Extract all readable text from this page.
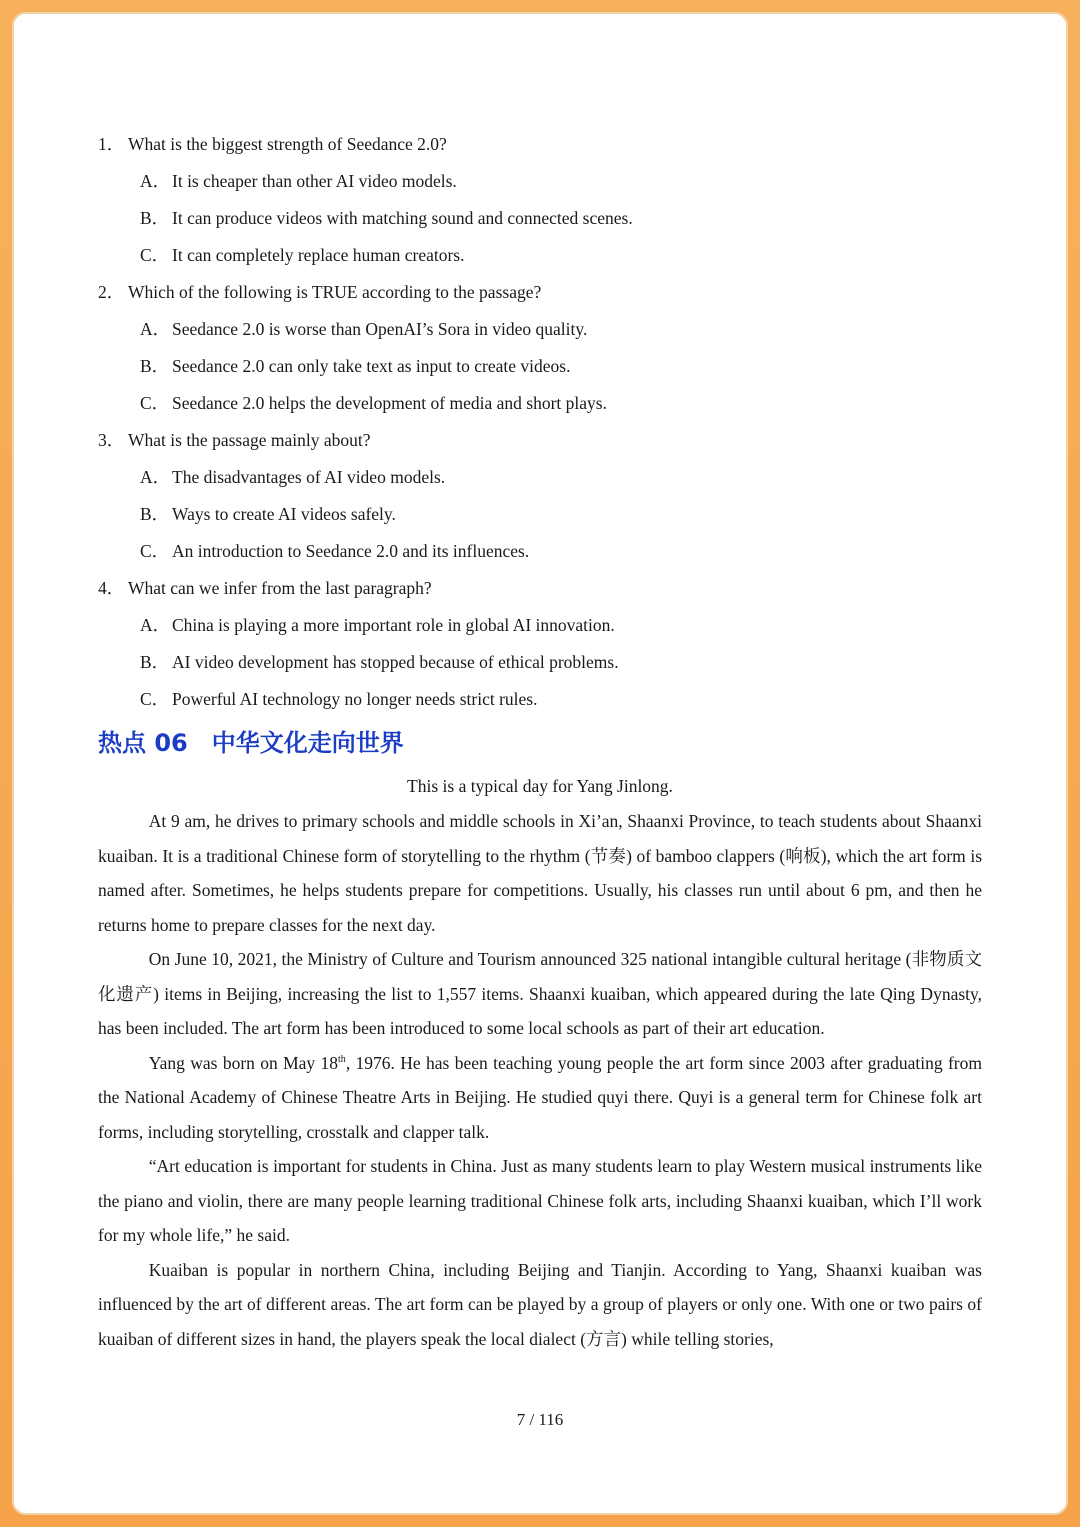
1． What is the biggest strength of Seedance 2.0?

A． It is cheaper than other AI video models.

B． It can produce videos with matching sound and connected scenes.

C． It can completely replace human creators.

2． Which of the following is TRUE according to the passage?

A． Seedance 2.0 is worse than OpenAI’s Sora in video quality.

B． Seedance 2.0 can only take text as input to create videos.

C． Seedance 2.0 helps the development of media and short plays.

3． What is the passage mainly about?

A． The disadvantages of AI video models.

B． Ways to create AI videos safely.

C． An introduction to Seedance 2.0 and its influences.

4． What can we infer from the last paragraph?

A． China is playing a more important role in global AI innovation.

B． AI video development has stopped because of ethical problems.

C． Powerful AI technology no longer needs strict rules.

热点 06 中华文化走向世界

This is a typical day for Yang Jinlong.

At 9 am, he drives to primary schools and middle schools in Xi’an, Shaanxi Province, to teach students about Shaanxi kuaiban. It is a traditional Chinese form of storytelling to the rhythm (节奏) of bamboo clappers (响板), which the art form is named after. Sometimes, he helps students prepare for competitions. Usually, his classes run until about 6 pm, and then he returns home to prepare classes for the next day.

On June 10, 2021, the Ministry of Culture and Tourism announced 325 national intangible cultural heritage (非物质文化遗产) items in Beijing, increasing the list to 1,557 items. Shaanxi kuaiban, which appeared during the late Qing Dynasty, has been included. The art form has been introduced to some local schools as part of their art education.

Yang was born on May 18th, 1976. He has been teaching young people the art form since 2003 after graduating from the National Academy of Chinese Theatre Arts in Beijing. He studied quyi there. Quyi is a general term for Chinese folk art forms, including storytelling, crosstalk and clapper talk.

“Art education is important for students in China. Just as many students learn to play Western musical instruments like the piano and violin, there are many people learning traditional Chinese folk arts, including Shaanxi kuaiban, which I’ll work for my whole life,” he said.

Kuaiban is popular in northern China, including Beijing and Tianjin. According to Yang, Shaanxi kuaiban was influenced by the art of different areas. The art form can be played by a group of players or only one. With one or two pairs of kuaiban of different sizes in hand, the players speak the local dialect (方言) while telling stories,

7 / 116
